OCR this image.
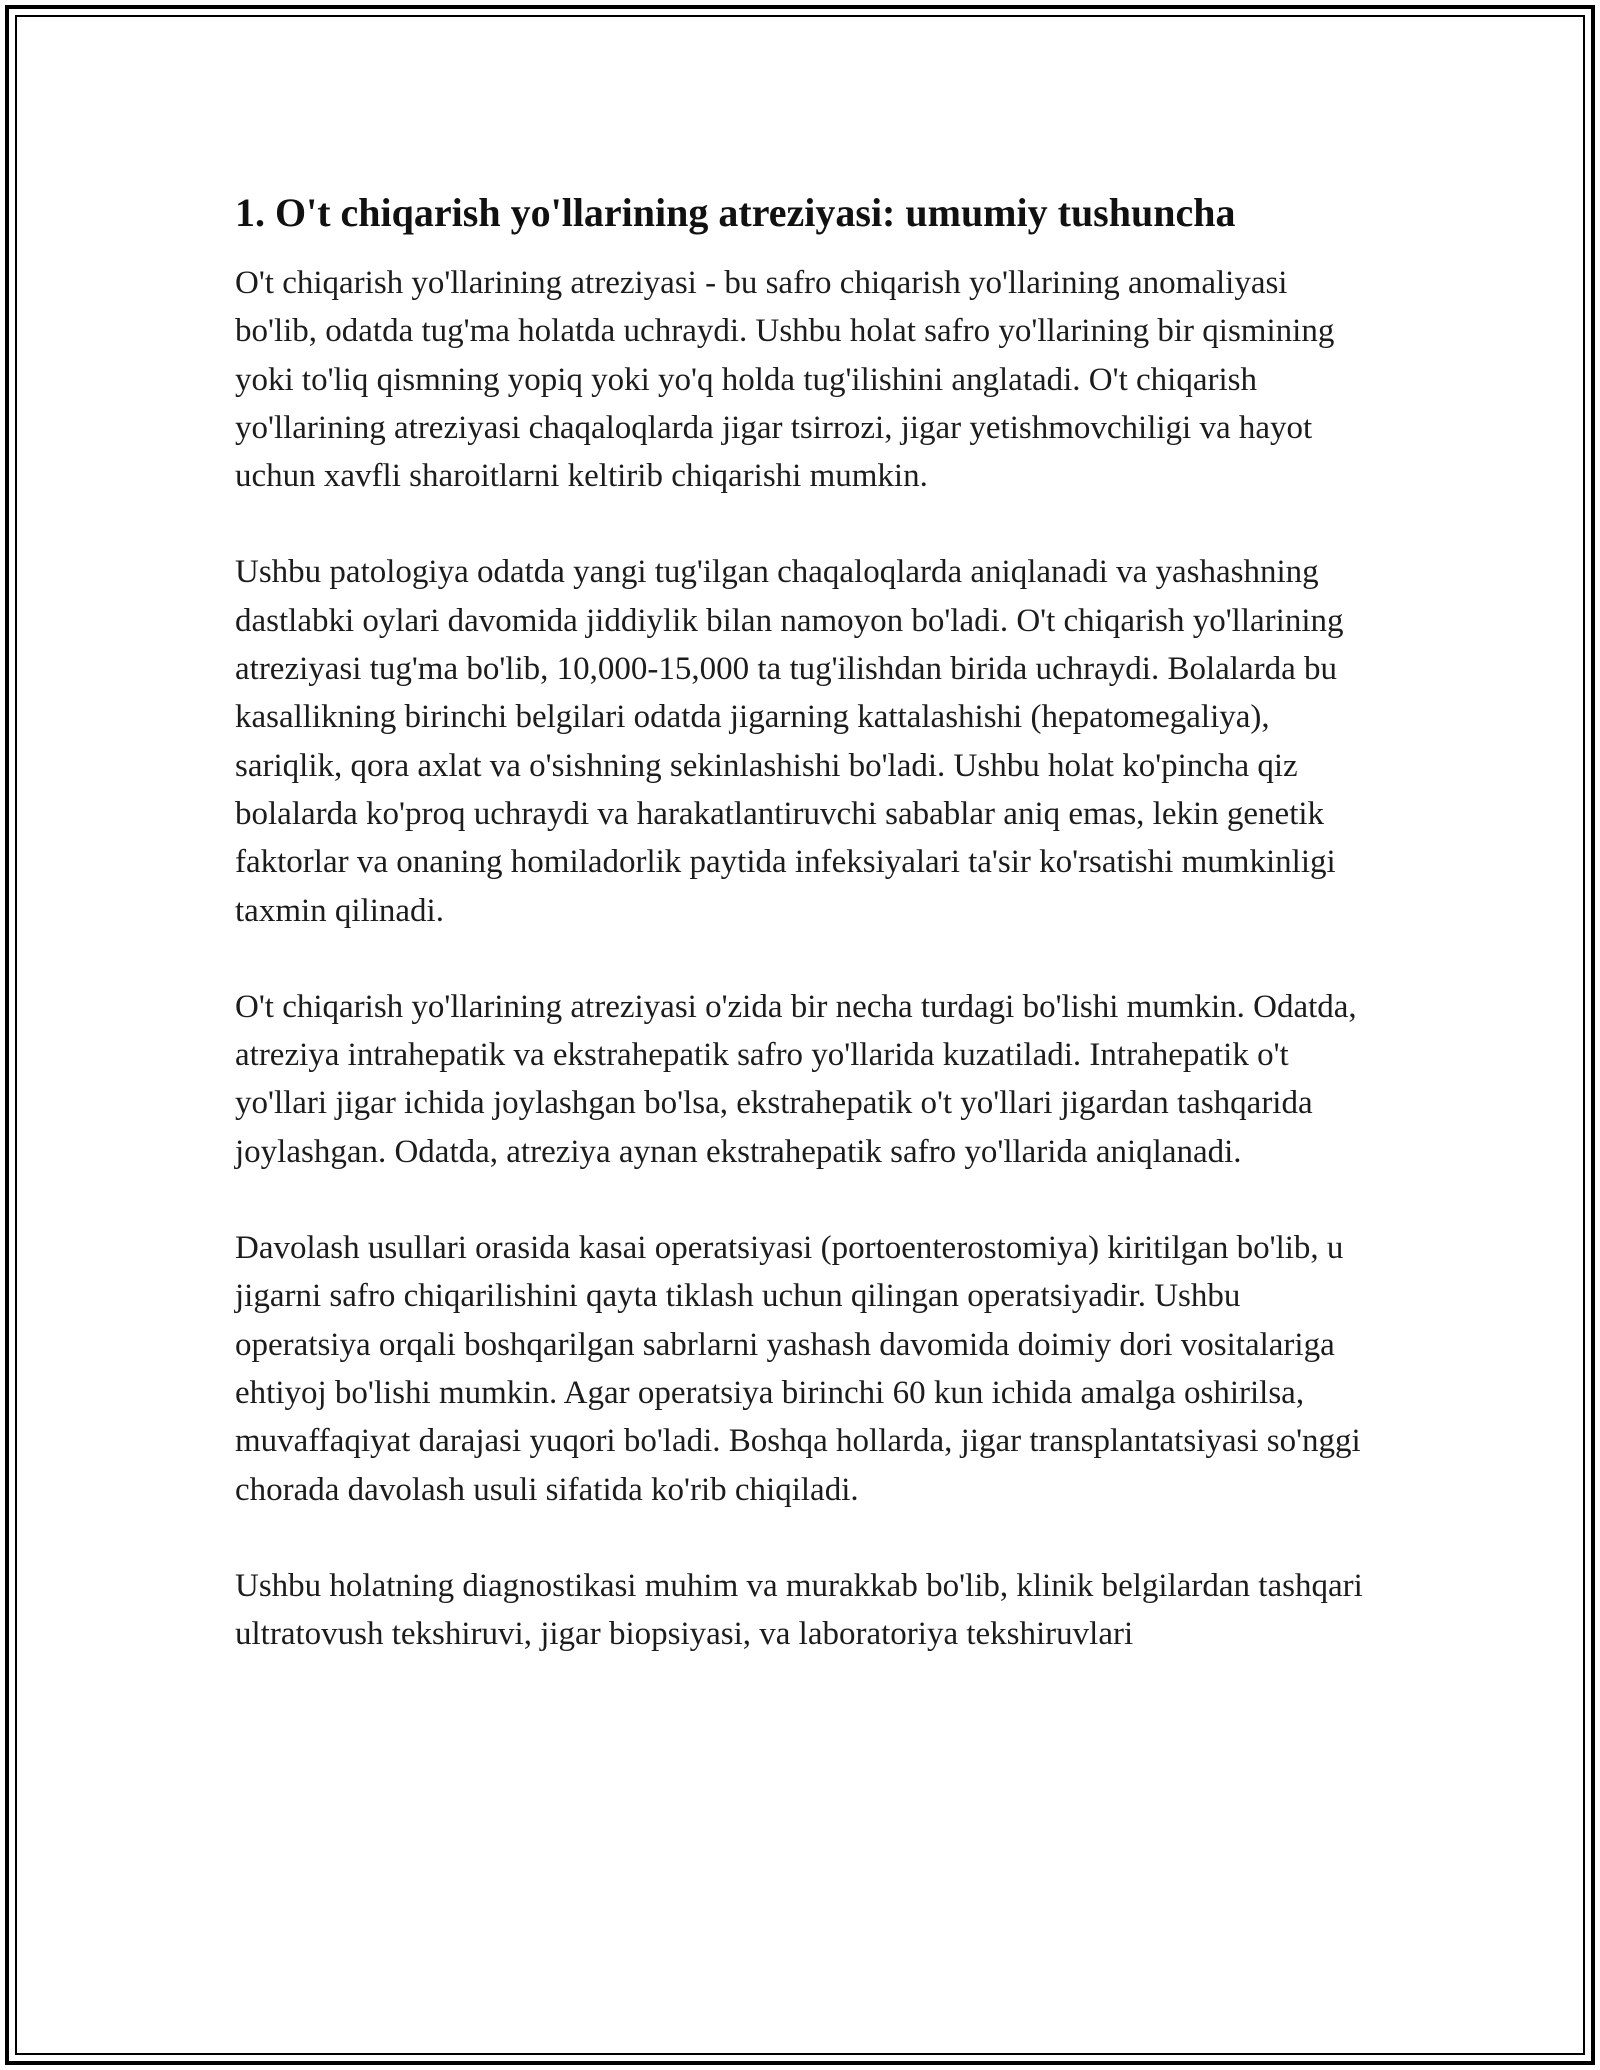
1. O't chiqarish yo'llarining atreziyasi: umumiy tushuncha

O't chiqarish yo'llarining atreziyasi - bu safro chiqarish yo'llarining anomaliyasi bo'lib, odatda tug'ma holatda uchraydi. Ushbu holat safro yo'llarining bir qismining yoki to'liq qismning yopiq yoki yo'q holda tug'ilishini anglatadi. O't chiqarish yo'llarining atreziyasi chaqaloqlarda jigar tsirrozi, jigar yetishmovchiligi va hayot uchun xavfli sharoitlarni keltirib chiqarishi mumkin.

Ushbu patologiya odatda yangi tug'ilgan chaqaloqlarda aniqlanadi va yashashning dastlabki oylari davomida jiddiylik bilan namoyon bo'ladi. O't chiqarish yo'llarining atreziyasi tug'ma bo'lib, 10,000-15,000 ta tug'ilishdan birida uchraydi. Bolalarda bu kasallikning birinchi belgilari odatda jigarning kattalashishi (hepatomegaliya), sariqlik, qora axlat va o'sishning sekinlashishi bo'ladi. Ushbu holat ko'pincha qiz bolalarda ko'proq uchraydi va harakatlantiruvchi sabablar aniq emas, lekin genetik faktorlar va onaning homiladorlik paytida infeksiyalari ta'sir ko'rsatishi mumkinligi taxmin qilinadi.

O't chiqarish yo'llarining atreziyasi o'zida bir necha turdagi bo'lishi mumkin. Odatda, atreziya intrahepatik va ekstrahepatik safro yo'llarida kuzatiladi. Intrahepatik o't yo'llari jigar ichida joylashgan bo'lsa, ekstrahepatik o't yo'llari jigardan tashqarida joylashgan. Odatda, atreziya aynan ekstrahepatik safro yo'llarida aniqlanadi.

Davolash usullari orasida kasai operatsiyasi (portoenterostomiya) kiritilgan bo'lib, u jigarni safro chiqarilishini qayta tiklash uchun qilingan operatsiyadir. Ushbu operatsiya orqali boshqarilgan sabrlarni yashash davomida doimiy dori vositalariga ehtiyoj bo'lishi mumkin. Agar operatsiya birinchi 60 kun ichida amalga oshirilsa, muvaffaqiyat darajasi yuqori bo'ladi. Boshqa hollarda, jigar transplantatsiyasi so'nggi chorada davolash usuli sifatida ko'rib chiqiladi.

Ushbu holatning diagnostikasi muhim va murakkab bo'lib, klinik belgilardan tashqari ultratovush tekshiruvi, jigar biopsiyasi, va laboratoriya tekshiruvlari
